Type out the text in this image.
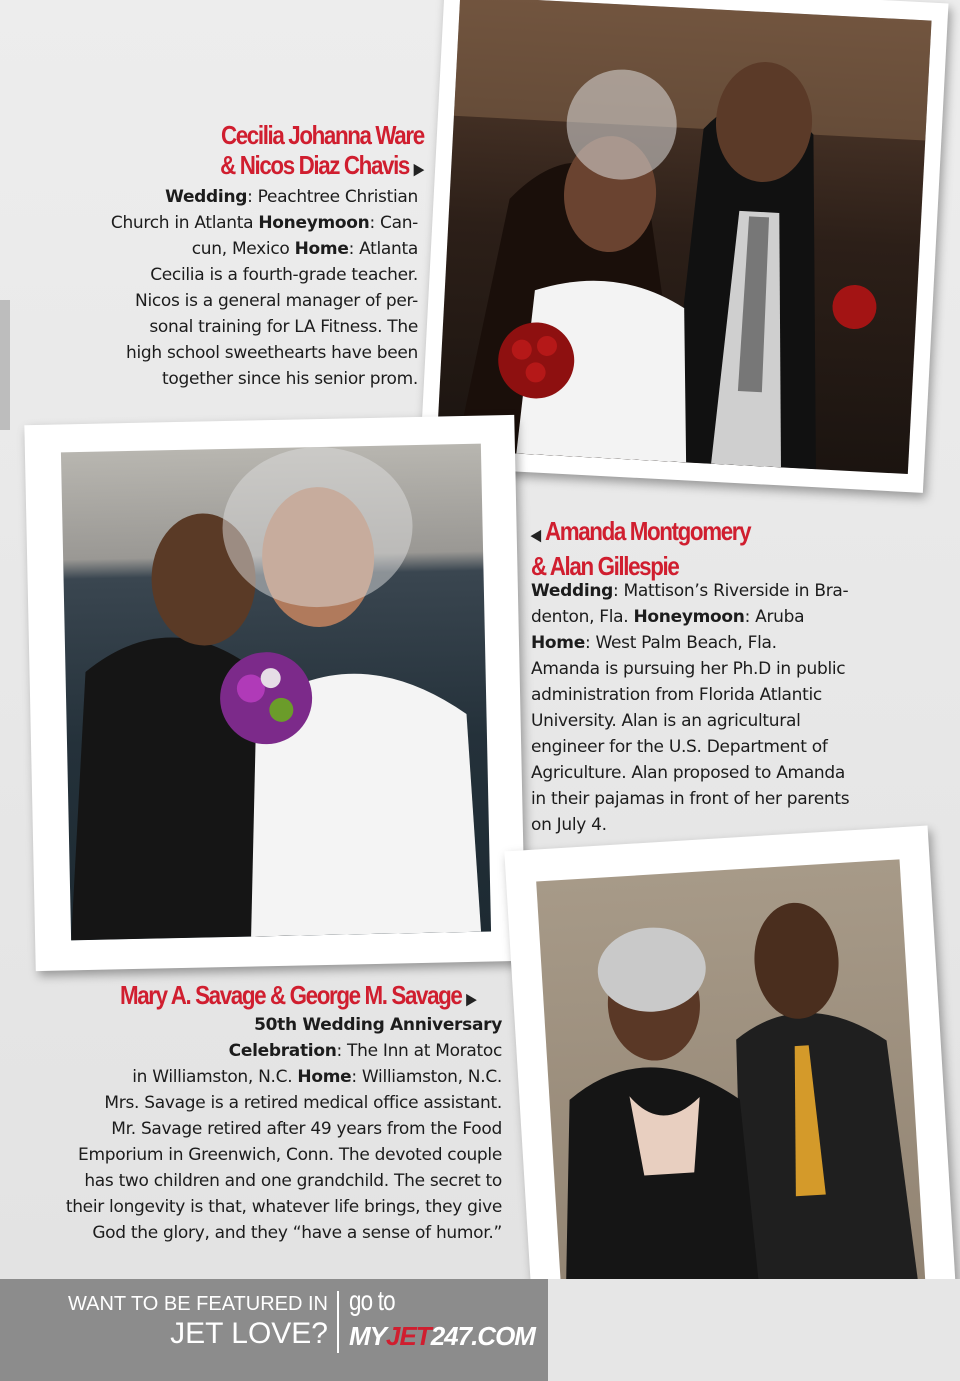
Cecilia Johanna Ware
& Nicos Diaz Chavis ▶
Wedding: Peachtree Christian
Church in Atlanta Honeymoon: Can-
cun, Mexico Home: Atlanta
Cecilia is a fourth-grade teacher.
Nicos is a general manager of per-
sonal training for LA Fitness. The
high school sweethearts have been
together since his senior prom.
◀ Amanda Montgomery
& Alan Gillespie
Wedding: Mattison’s Riverside in Bra-
denton, Fla. Honeymoon: Aruba
Home: West Palm Beach, Fla.
Amanda is pursuing her Ph.D in public
administration from Florida Atlantic
University. Alan is an agricultural
engineer for the U.S. Department of
Agriculture. Alan proposed to Amanda
in their pajamas in front of her parents
on July 4.
Mary A. Savage & George M. Savage ▶
50th Wedding Anniversary
Celebration: The Inn at Moratoc
in Williamston, N.C. Home: Williamston, N.C.
Mrs. Savage is a retired medical office assistant.
Mr. Savage retired after 49 years from the Food
Emporium in Greenwich, Conn. The devoted couple
has two children and one grandchild. The secret to
their longevity is that, whatever life brings, they give
God the glory, and they “have a sense of humor.”
WANT TO BE FEATURED IN
JET LOVE?
go to
MYJET247.COM
